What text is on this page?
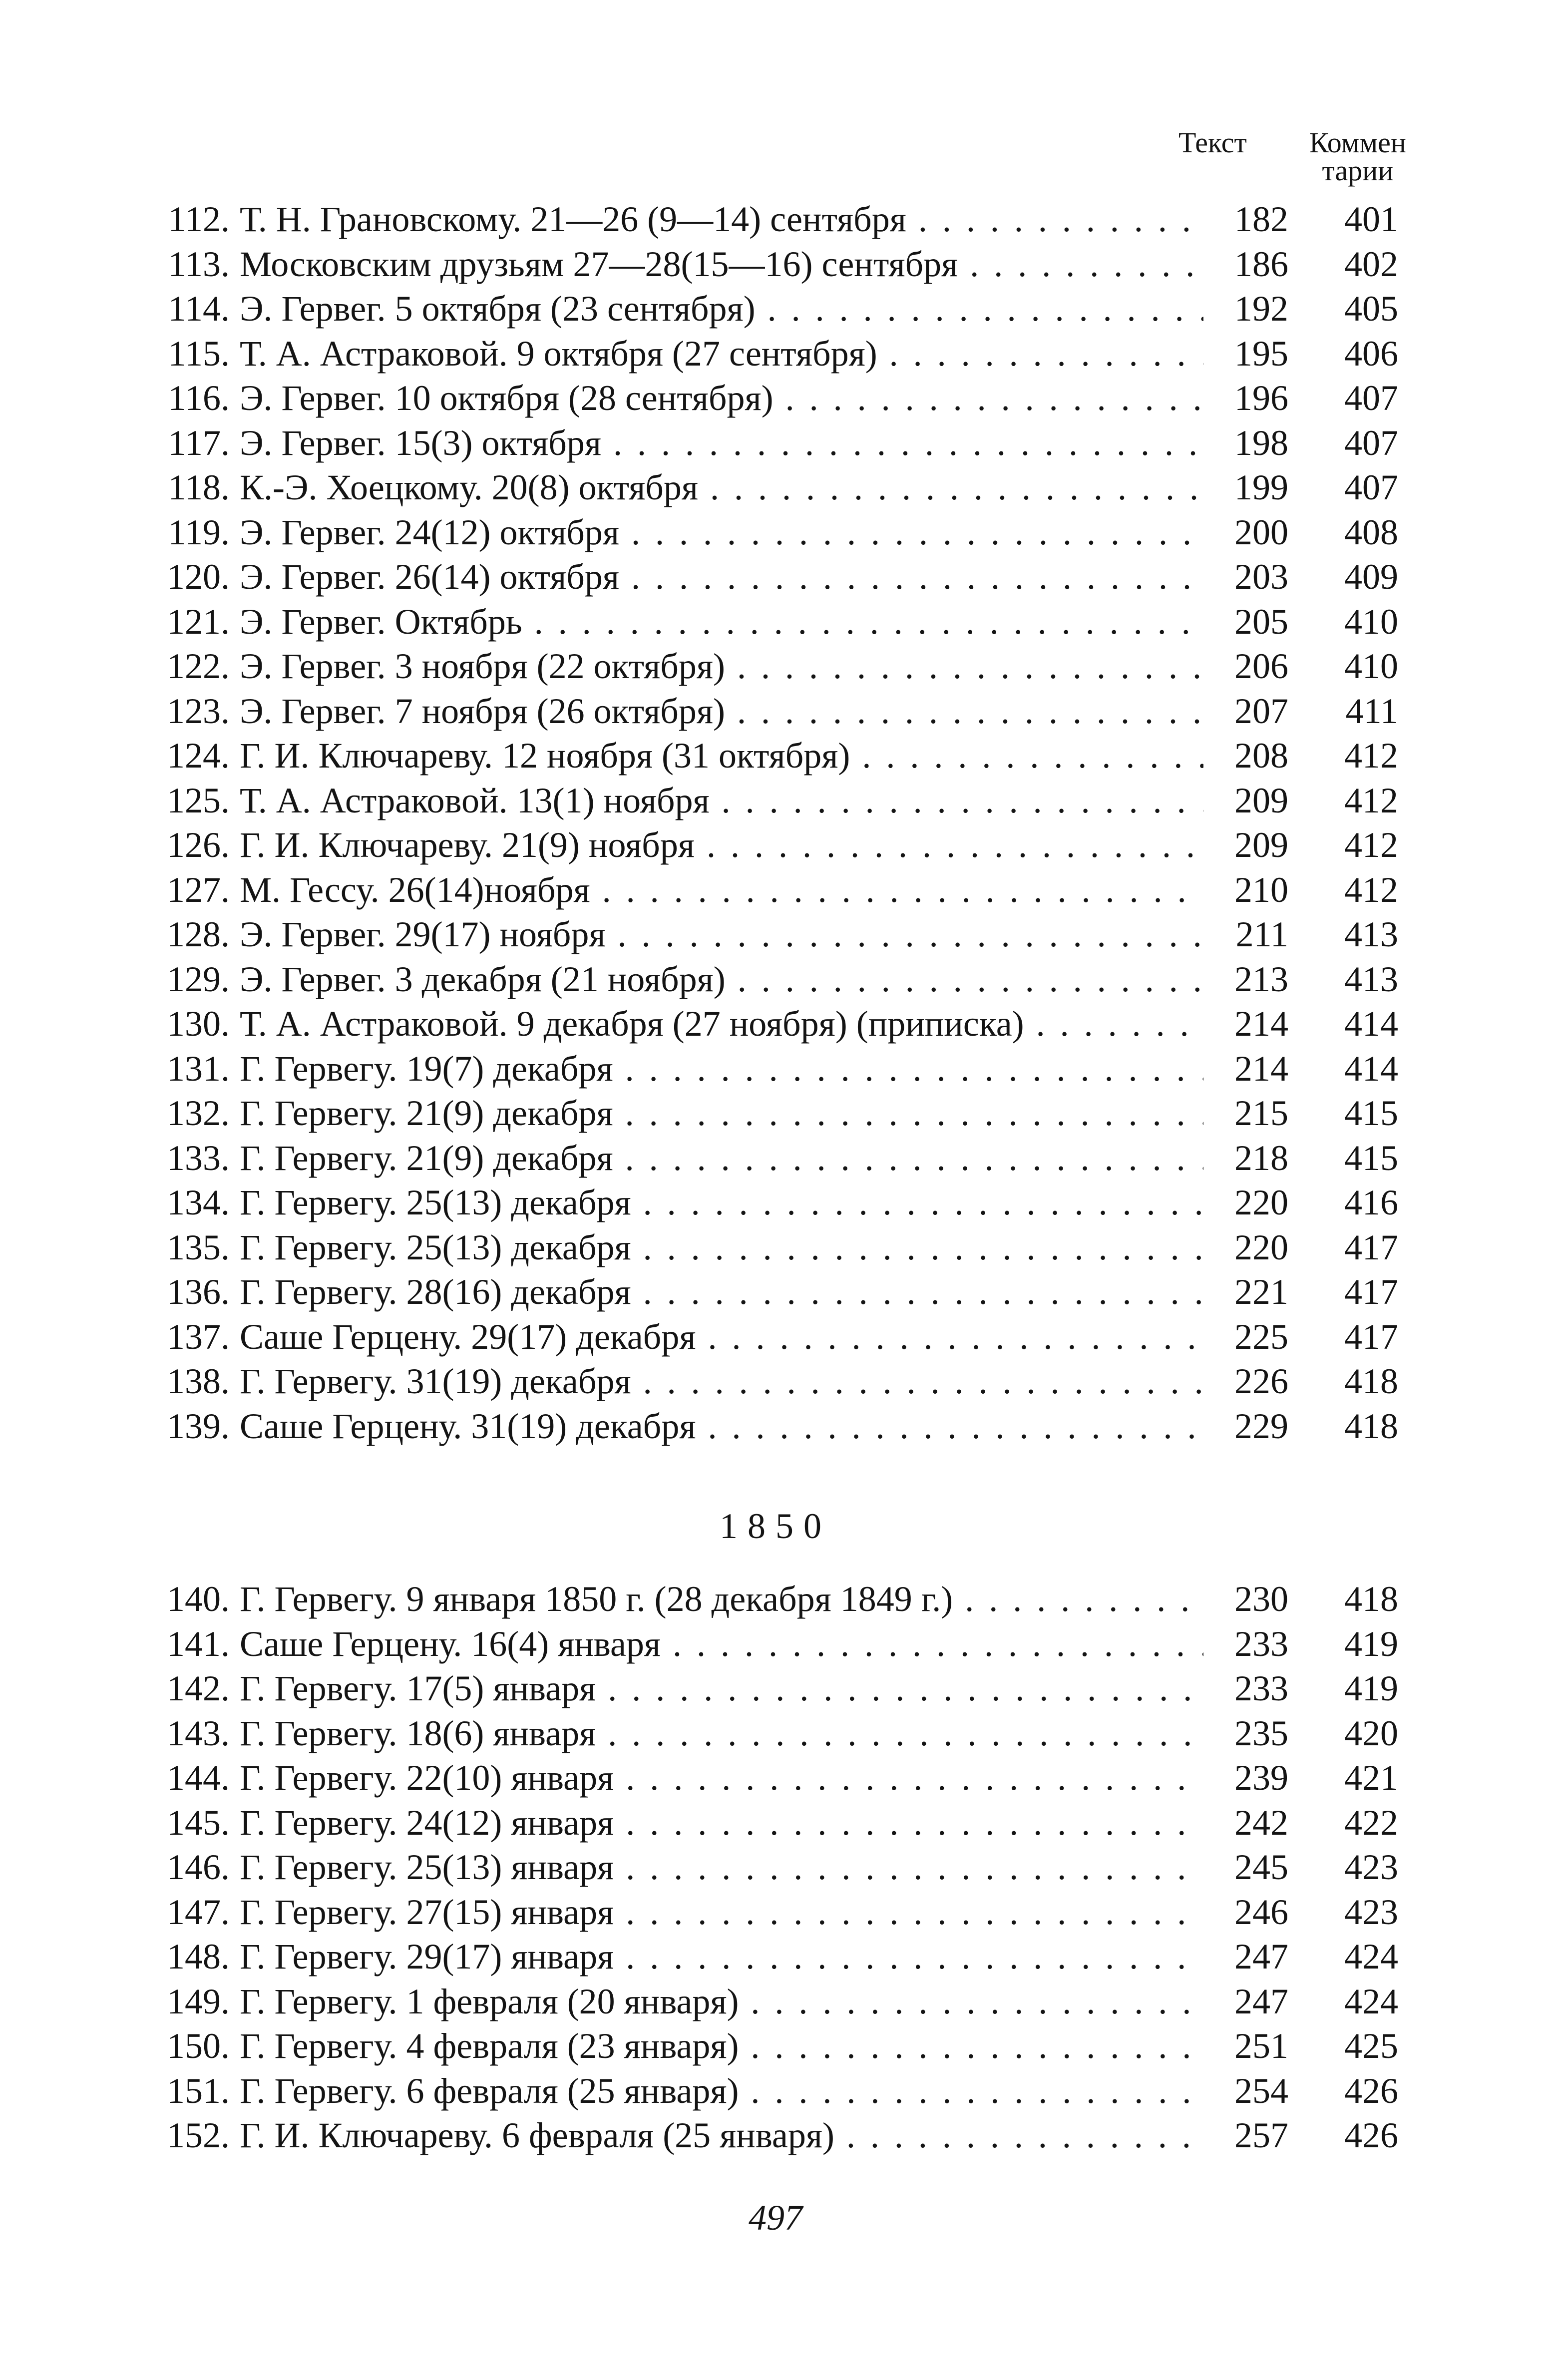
Текст Коммен
тарии
112. Т. Н. Грановскому. 21—26 (9—14) сентября . . .	182	401
113. Московским друзьям 27—28(15—16) сентября . . .	186	402
114. Э. Гервег. 5 октября (23 сентября) . . .	192	405
115. Т. А. Астраковой. 9 октября (27 сентября) . . .	195	406
116. Э. Гервег. 10 октября (28 сентября) . . .	196	407
117. Э. Гервег. 15(3) октября . . .	198	407
118. К.-Э. Хоецкому. 20(8) октября . . .	199	407
119. Э. Гервег. 24(12) октября . . .	200	408
120. Э. Гервег. 26(14) октября . . .	203	409
121. Э. Гервег. Октябрь . . .	205	410
122. Э. Гервег. 3 ноября (22 октября) . . .	206	410
123. Э. Гервег. 7 ноября (26 октября) . . .	207	411
124. Г. И. Ключареву. 12 ноября (31 октября) . . .	208	412
125. Т. А. Астраковой. 13(1) ноября . . .	209	412
126. Г. И. Ключареву. 21(9) ноября . . .	209	412
127. М. Гессу. 26(14)ноября . . .	210	412
128. Э. Гервег. 29(17) ноября . . .	211	413
129. Э. Гервег. 3 декабря (21 ноября) . . .	213	413
130. Т. А. Астраковой. 9 декабря (27 ноября) (приписка) . . .	214	414
131. Г. Гервегу. 19(7) декабря . . .	214	414
132. Г. Гервегу. 21(9) декабря . . .	215	415
133. Г. Гервегу. 21(9) декабря . . .	218	415
134. Г. Гервегу. 25(13) декабря . . .	220	416
135. Г. Гервегу. 25(13) декабря . . .	220	417
136. Г. Гервегу. 28(16) декабря . . .	221	417
137. Саше Герцену. 29(17) декабря . . .	225	417
138. Г. Гервегу. 31(19) декабря . . .	226	418
139. Саше Герцену. 31(19) декабря . . .	229	418
1850
140. Г. Гервегу. 9 января 1850 г. (28 декабря 1849 г.) . . .	230	418
141. Саше Герцену. 16(4) января . . .	233	419
142. Г. Гервегу. 17(5) января . . .	233	419
143. Г. Гервегу. 18(6) января . . .	235	420
144. Г. Гервегу. 22(10) января . . .	239	421
145. Г. Гервегу. 24(12) января . . .	242	422
146. Г. Гервегу. 25(13) января . . .	245	423
147. Г. Гервегу. 27(15) января . . .	246	423
148. Г. Гервегу. 29(17) января . . .	247	424
149. Г. Гервегу. 1 февраля (20 января) . . .	247	424
150. Г. Гервегу. 4 февраля (23 января) . . .	251	425
151. Г. Гервегу. 6 февраля (25 января) . . .	254	426
152. Г. И. Ключареву. 6 февраля (25 января) . . .	257	426
497
